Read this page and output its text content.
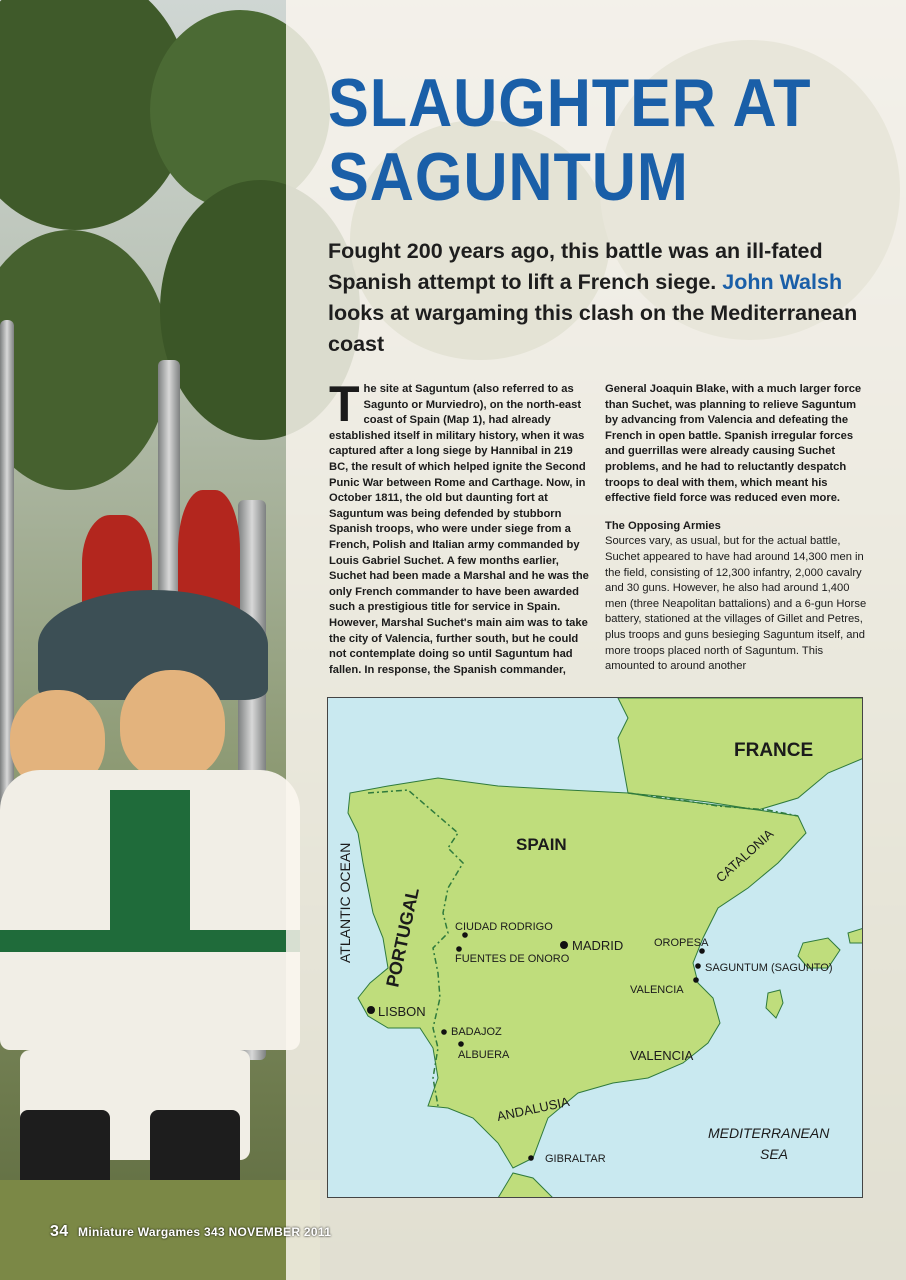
SLAUGHTER AT SAGUNTUM

Fought 200 years ago, this battle was an ill-fated Spanish attempt to lift a French siege. John Walsh looks at wargaming this clash on the Mediterranean coast

The site at Saguntum (also referred to as Sagunto or Murviedro), on the north-east coast of Spain (Map 1), had already established itself in military history, when it was captured after a long siege by Hannibal in 219 BC, the result of which helped ignite the Second Punic War between Rome and Carthage. Now, in October 1811, the old but daunting fort at Saguntum was being defended by stubborn Spanish troops, who were under siege from a French, Polish and Italian army commanded by Louis Gabriel Suchet. A few months earlier, Suchet had been made a Marshal and he was the only French commander to have been awarded such a prestigious title for service in Spain. However, Marshal Suchet's main aim was to take the city of Valencia, further south, but he could not contemplate doing so until Saguntum had fallen. In response, the Spanish commander,

General Joaquin Blake, with a much larger force than Suchet, was planning to relieve Saguntum by advancing from Valencia and defeating the French in open battle. Spanish irregular forces and guerrillas were already causing Suchet problems, and he had to reluctantly despatch troops to deal with them, which meant his effective field force was reduced even more.

The Opposing Armies

Sources vary, as usual, but for the actual battle, Suchet appeared to have had around 14,300 men in the field, consisting of 12,300 infantry, 2,000 cavalry and 30 guns. However, he also had around 1,400 men (three Neapolitan battalions) and a 6-gun Horse battery, stationed at the villages of Gillet and Petres, plus troops and guns besieging Saguntum itself, and more troops placed north of Saguntum. This amounted to around another

FRANCE
SPAIN
PORTUGAL
ATLANTIC OCEAN	CATALONIA
ANDALUSIA
VALENCIA
MEDITERRANEAN
SEA
CIUDAD RODRIGO
FUENTES DE ONORO
MADRID	OROPESA
SAGUNTUM (SAGUNTO)
VALENCIA
LISBON
BADAJOZ
ALBUERA
GIBRALTAR
34 Miniature Wargames 343 NOVEMBER 2011
